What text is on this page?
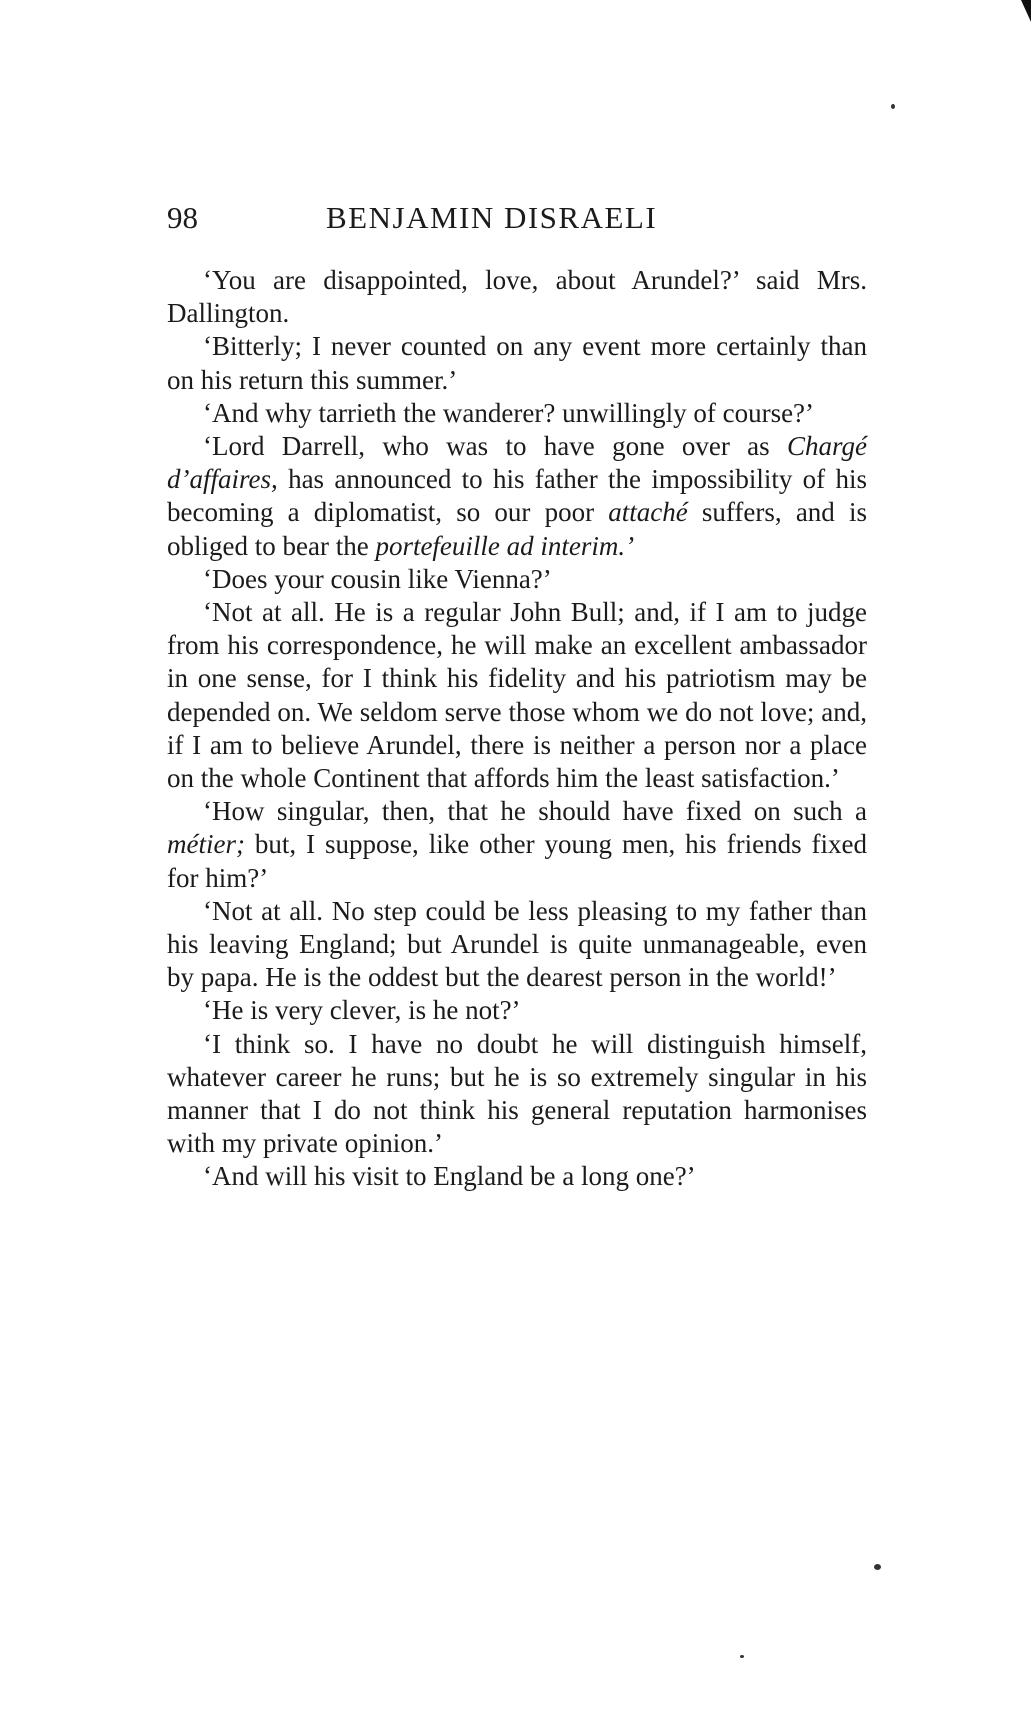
98	BENJAMIN DISRAELI

‘You are disappointed, love, about Arundel?’ said Mrs. Dallington.

‘Bitterly; I never counted on any event more certainly than on his return this summer.’

‘And why tarrieth the wanderer? unwillingly of course?’

‘Lord Darrell, who was to have gone over as Chargé d’affaires, has announced to his father the impossibility of his becoming a diplomatist, so our poor attaché suffers, and is obliged to bear the portefeuille ad interim.’

‘Does your cousin like Vienna?’

‘Not at all. He is a regular John Bull; and, if I am to judge from his correspondence, he will make an excellent ambassador in one sense, for I think his fidelity and his patriotism may be depended on. We seldom serve those whom we do not love; and, if I am to believe Arundel, there is neither a person nor a place on the whole Continent that affords him the least satisfaction.’

‘How singular, then, that he should have fixed on such a métier; but, I suppose, like other young men, his friends fixed for him?’

‘Not at all. No step could be less pleasing to my father than his leaving England; but Arundel is quite unmanageable, even by papa. He is the oddest but the dearest person in the world!’

‘He is very clever, is he not?’

‘I think so. I have no doubt he will distinguish himself, whatever career he runs; but he is so extremely singular in his manner that I do not think his general reputation harmonises with my private opinion.’

‘And will his visit to England be a long one?’
